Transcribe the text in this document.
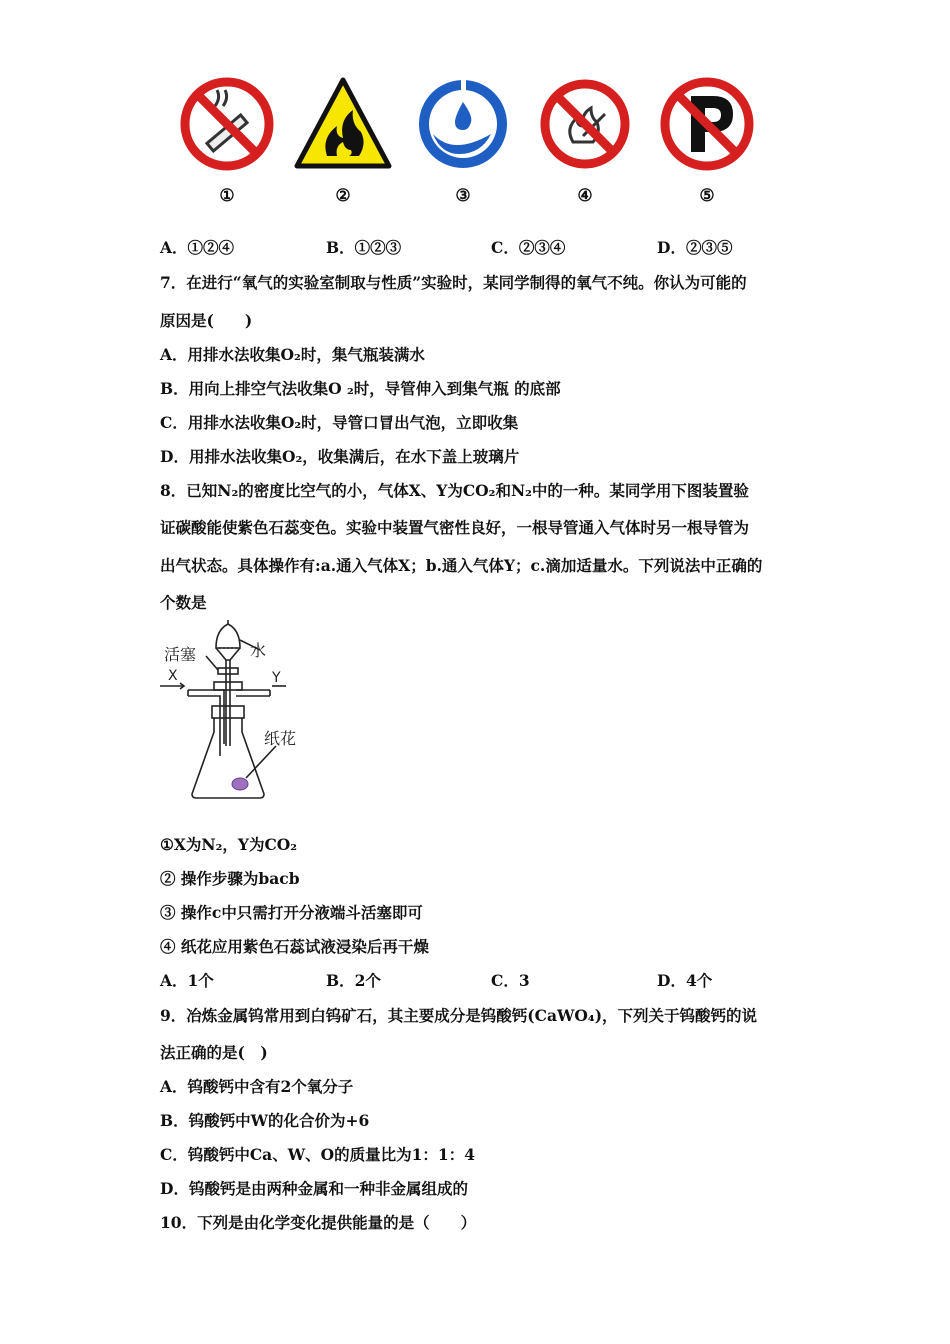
①	②	③	④	⑤
A．①②④	B．①②③	C．②③④	D．②③⑤
7．在进行“氧气的实验室制取与性质”实验时，某同学制得的氧气不纯。你认为可能的
原因是(　　)
A．用排水法收集O₂时，集气瓶装满水
B．用向上排空气法收集O ₂时，导管伸入到集气瓶 的底部
C．用排水法收集O₂时，导管口冒出气泡，立即收集
D．用排水法收集O₂，收集满后，在水下盖上玻璃片
8．已知N₂的密度比空气的小，气体X、Y为CO₂和N₂中的一种。某同学用下图装置验
证碳酸能使紫色石蕊变色。实验中装置气密性良好，一根导管通入气体时另一根导管为
出气状态。具体操作有:a.通入气体X；b.通入气体Y；c.滴加适量水。下列说法中正确的
个数是
活塞	水
X	Y
纸花
①X为N₂，Y为CO₂
② 操作步骤为bacb
③ 操作c中只需打开分液端斗活塞即可
④ 纸花应用紫色石蕊试液浸染后再干燥
A．1个	B．2个	C．3	D．4个
9．冶炼金属钨常用到白钨矿石，其主要成分是钨酸钙(CaWO₄)，下列关于钨酸钙的说
法正确的是(　)
A．钨酸钙中含有2个氧分子
B．钨酸钙中W的化合价为+6
C．钨酸钙中Ca、W、O的质量比为1：1：4
D．钨酸钙是由两种金属和一种非金属组成的
10．下列是由化学变化提供能量的是（　　）
